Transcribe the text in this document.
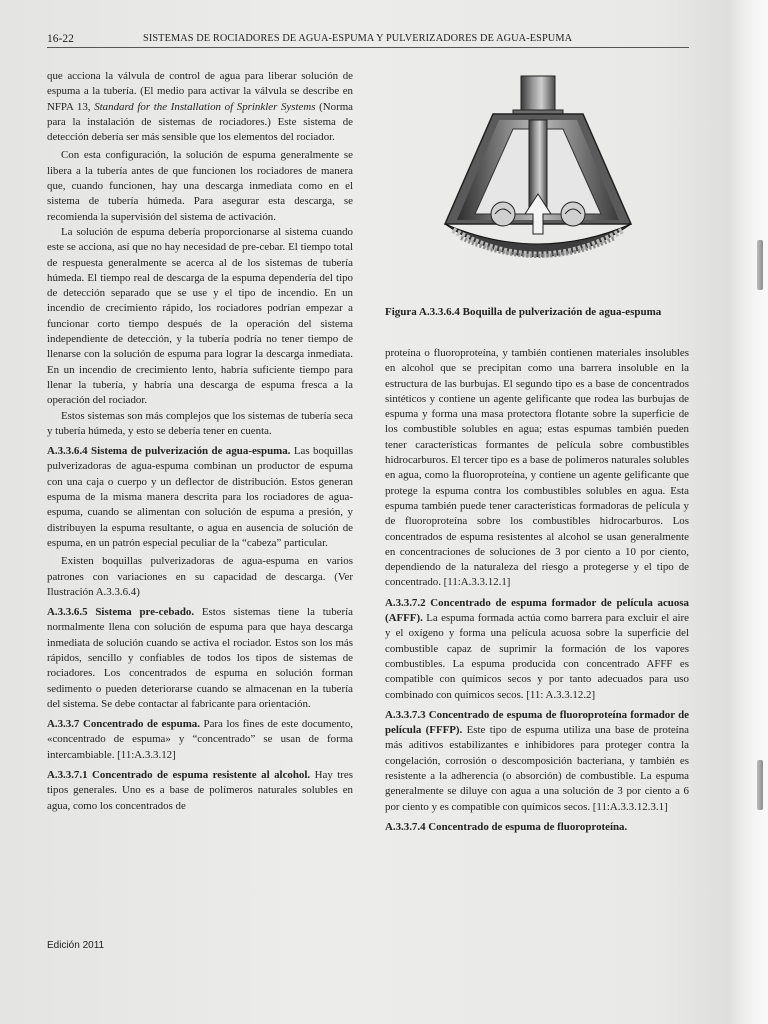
16-22	SISTEMAS DE ROCIADORES DE AGUA-ESPUMA Y PULVERIZADORES DE AGUA-ESPUMA

que acciona la válvula de control de agua para liberar solución de espuma a la tubería. (El medio para activar la válvula se describe en NFPA 13, Standard for the Installation of Sprinkler Systems (Norma para la instalación de sistemas de rociadores.) Este sistema de detección debería ser más sensible que los elementos del rociador.

Con esta configuración, la solución de espuma generalmente se libera a la tubería antes de que funcionen los rociadores de manera que, cuando funcionen, hay una descarga inmediata como en el sistema de tubería húmeda. Para asegurar esta descarga, se recomienda la supervisión del sistema de activación.

La solución de espuma debería proporcionarse al sistema cuando este se acciona, así que no hay necesidad de pre-cebar. El tiempo total de respuesta generalmente se acerca al de los sistemas de tubería húmeda. El tiempo real de descarga de la espuma dependería del tipo de detección separado que se use y el tipo de incendio. En un incendio de crecimiento rápido, los rociadores podrían empezar a funcionar corto tiempo después de la operación del sistema independiente de detección, y la tubería podría no tener tiempo de llenarse con la solución de espuma para lograr la descarga inmediata. En un incendio de crecimiento lento, habría suficiente tiempo para llenar la tubería, y habría una descarga de espuma fresca a la operación del rociador.

Estos sistemas son más complejos que los sistemas de tubería seca y tubería húmeda, y esto se debería tener en cuenta.

A.3.3.6.4 Sistema de pulverización de agua-espuma. Las boquillas pulverizadoras de agua-espuma combinan un productor de espuma con una caja o cuerpo y un deflector de distribución. Estos generan espuma de la misma manera descrita para los rociadores de agua-espuma, cuando se alimentan con solución de espuma a presión, y distribuyen la espuma resultante, o agua en ausencia de solución de espuma, en un patrón especial peculiar de la “cabeza” particular.

Existen boquillas pulverizadoras de agua-espuma en varios patrones con variaciones en su capacidad de descarga. (Ver Ilustración A.3.3.6.4)

A.3.3.6.5 Sistema pre-cebado. Estos sistemas tiene la tubería normalmente llena con solución de espuma para que haya descarga inmediata de solución cuando se activa el rociador. Estos son los más rápidos, sencillo y confiables de todos los tipos de sistemas de rociadores. Los concentrados de espuma en solución forman sedimento o pueden deteriorarse cuando se almacenan en la tubería del sistema. Se debe contactar al fabricante para orientación.

A.3.3.7 Concentrado de espuma. Para los fines de este documento, «concentrado de espuma» y “concentrado” se usan de forma intercambiable. [11:A.3.3.12]

A.3.3.7.1 Concentrado de espuma resistente al alcohol. Hay tres tipos generales. Uno es a base de polímeros naturales solubles en agua, como los concentrados de

Figura A.3.3.6.4 Boquilla de pulverización de agua-espuma

proteína o fluoroproteína, y también contienen materiales insolubles en alcohol que se precipitan como una barrera insoluble en la estructura de las burbujas. El segundo tipo es a base de concentrados sintéticos y contiene un agente gelificante que rodea las burbujas de espuma y forma una masa protectora flotante sobre la superficie de los combustible solubles en agua; estas espumas también pueden tener características formantes de película sobre combustibles hidrocarburos. El tercer tipo es a base de polímeros naturales solubles en agua, como la fluoroproteína, y contiene un agente gelificante que protege la espuma contra los combustibles solubles en agua. Esta espuma también puede tener características formadoras de película y de fluoroproteína sobre los combustibles hidrocarburos. Los concentrados de espuma resistentes al alcohol se usan generalmente en concentraciones de soluciones de 3 por ciento a 10 por ciento, dependiendo de la naturaleza del riesgo a protegerse y el tipo de concentrado. [11:A.3.3.12.1]

A.3.3.7.2 Concentrado de espuma formador de película acuosa (AFFF). La espuma formada actúa como barrera para excluir el aire y el oxígeno y forma una película acuosa sobre la superficie del combustible capaz de suprimir la formación de los vapores combustibles. La espuma producida con concentrado AFFF es compatible con químicos secos y por tanto adecuados para uso combinado con químicos secos. [11: A.3.3.12.2]

A.3.3.7.3 Concentrado de espuma de fluoroproteína formador de película (FFFP). Este tipo de espuma utiliza una base de proteína más aditivos estabilizantes e inhibidores para proteger contra la congelación, corrosión o descomposición bacteriana, y también es resistente a la adherencia (o absorción) de combustible. La espuma generalmente se diluye con agua a una solución de 3 por ciento a 6 por ciento y es compatible con químicos secos. [11:A.3.3.12.3.1]

A.3.3.7.4 Concentrado de espuma de fluoroproteína.

Edición 2011
